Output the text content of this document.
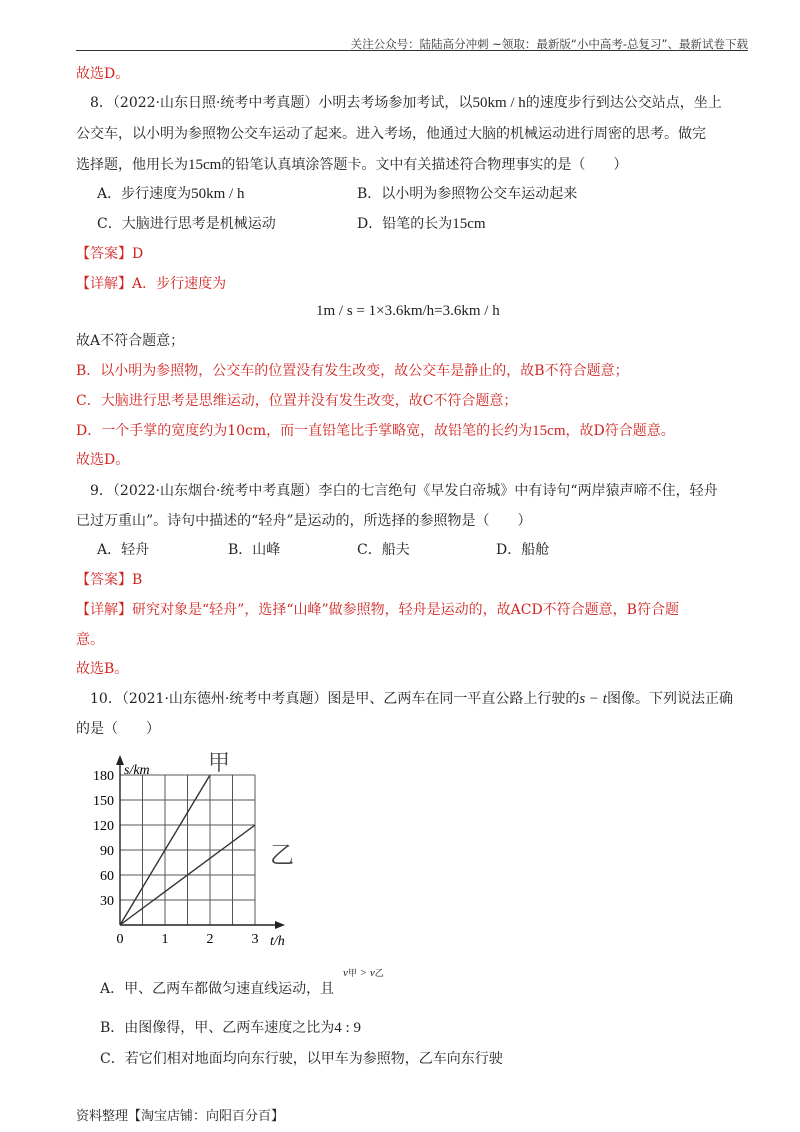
关注公众号：陆陆高分冲刺 ~领取：最新版“小中高考-总复习”、最新试卷下载
故选D。
8．（2022·山东日照·统考中考真题）小明去考场参加考试，以50km / h的速度步行到达公交站点，坐上
公交车，以小明为参照物公交车运动了起来。进入考场，他通过大脑的机械运动进行周密的思考。做完
选择题，他用长为15cm的铅笔认真填涂答题卡。文中有关描述符合物理事实的是（　　）
A．步行速度为50km / h	B．以小明为参照物公交车运动起来
C．大脑进行思考是机械运动	D．铅笔的长为15cm
【答案】D
【详解】A．步行速度为
1m / s = 1×3.6km/h=3.6km / h
故A不符合题意；
B．以小明为参照物，公交车的位置没有发生改变，故公交车是静止的，故B不符合题意；
C．大脑进行思考是思维运动，位置并没有发生改变，故C不符合题意；
D．一个手掌的宽度约为10cm，而一直铅笔比手掌略宽，故铅笔的长约为15cm，故D符合题意。
故选D。
9．（2022·山东烟台·统考中考真题）李白的七言绝句《早发白帝城》中有诗句“两岸猿声啼不住，轻舟
已过万重山”。诗句中描述的“轻舟”是运动的，所选择的参照物是（　　）
A．轻舟	B．山峰	C．船夫	D．船舱
【答案】B
【详解】研究对象是“轻舟”，选择“山峰”做参照物，轻舟是运动的，故ACD不符合题意，B符合题
意。
故选B。
10．（2021·山东德州·统考中考真题）图是甲、乙两车在同一平直公路上行驶的s − t图像。下列说法正确
的是（　　）
0	1	2	3
30
60
90
120
150
180 s/km
t/h
甲
乙
A．甲、乙两车都做匀速直线运动，且
v甲 > v乙
B．由图像得，甲、乙两车速度之比为4 : 9
C．若它们相对地面均向东行驶，以甲车为参照物，乙车向东行驶
资料整理【淘宝店铺：向阳百分百】
